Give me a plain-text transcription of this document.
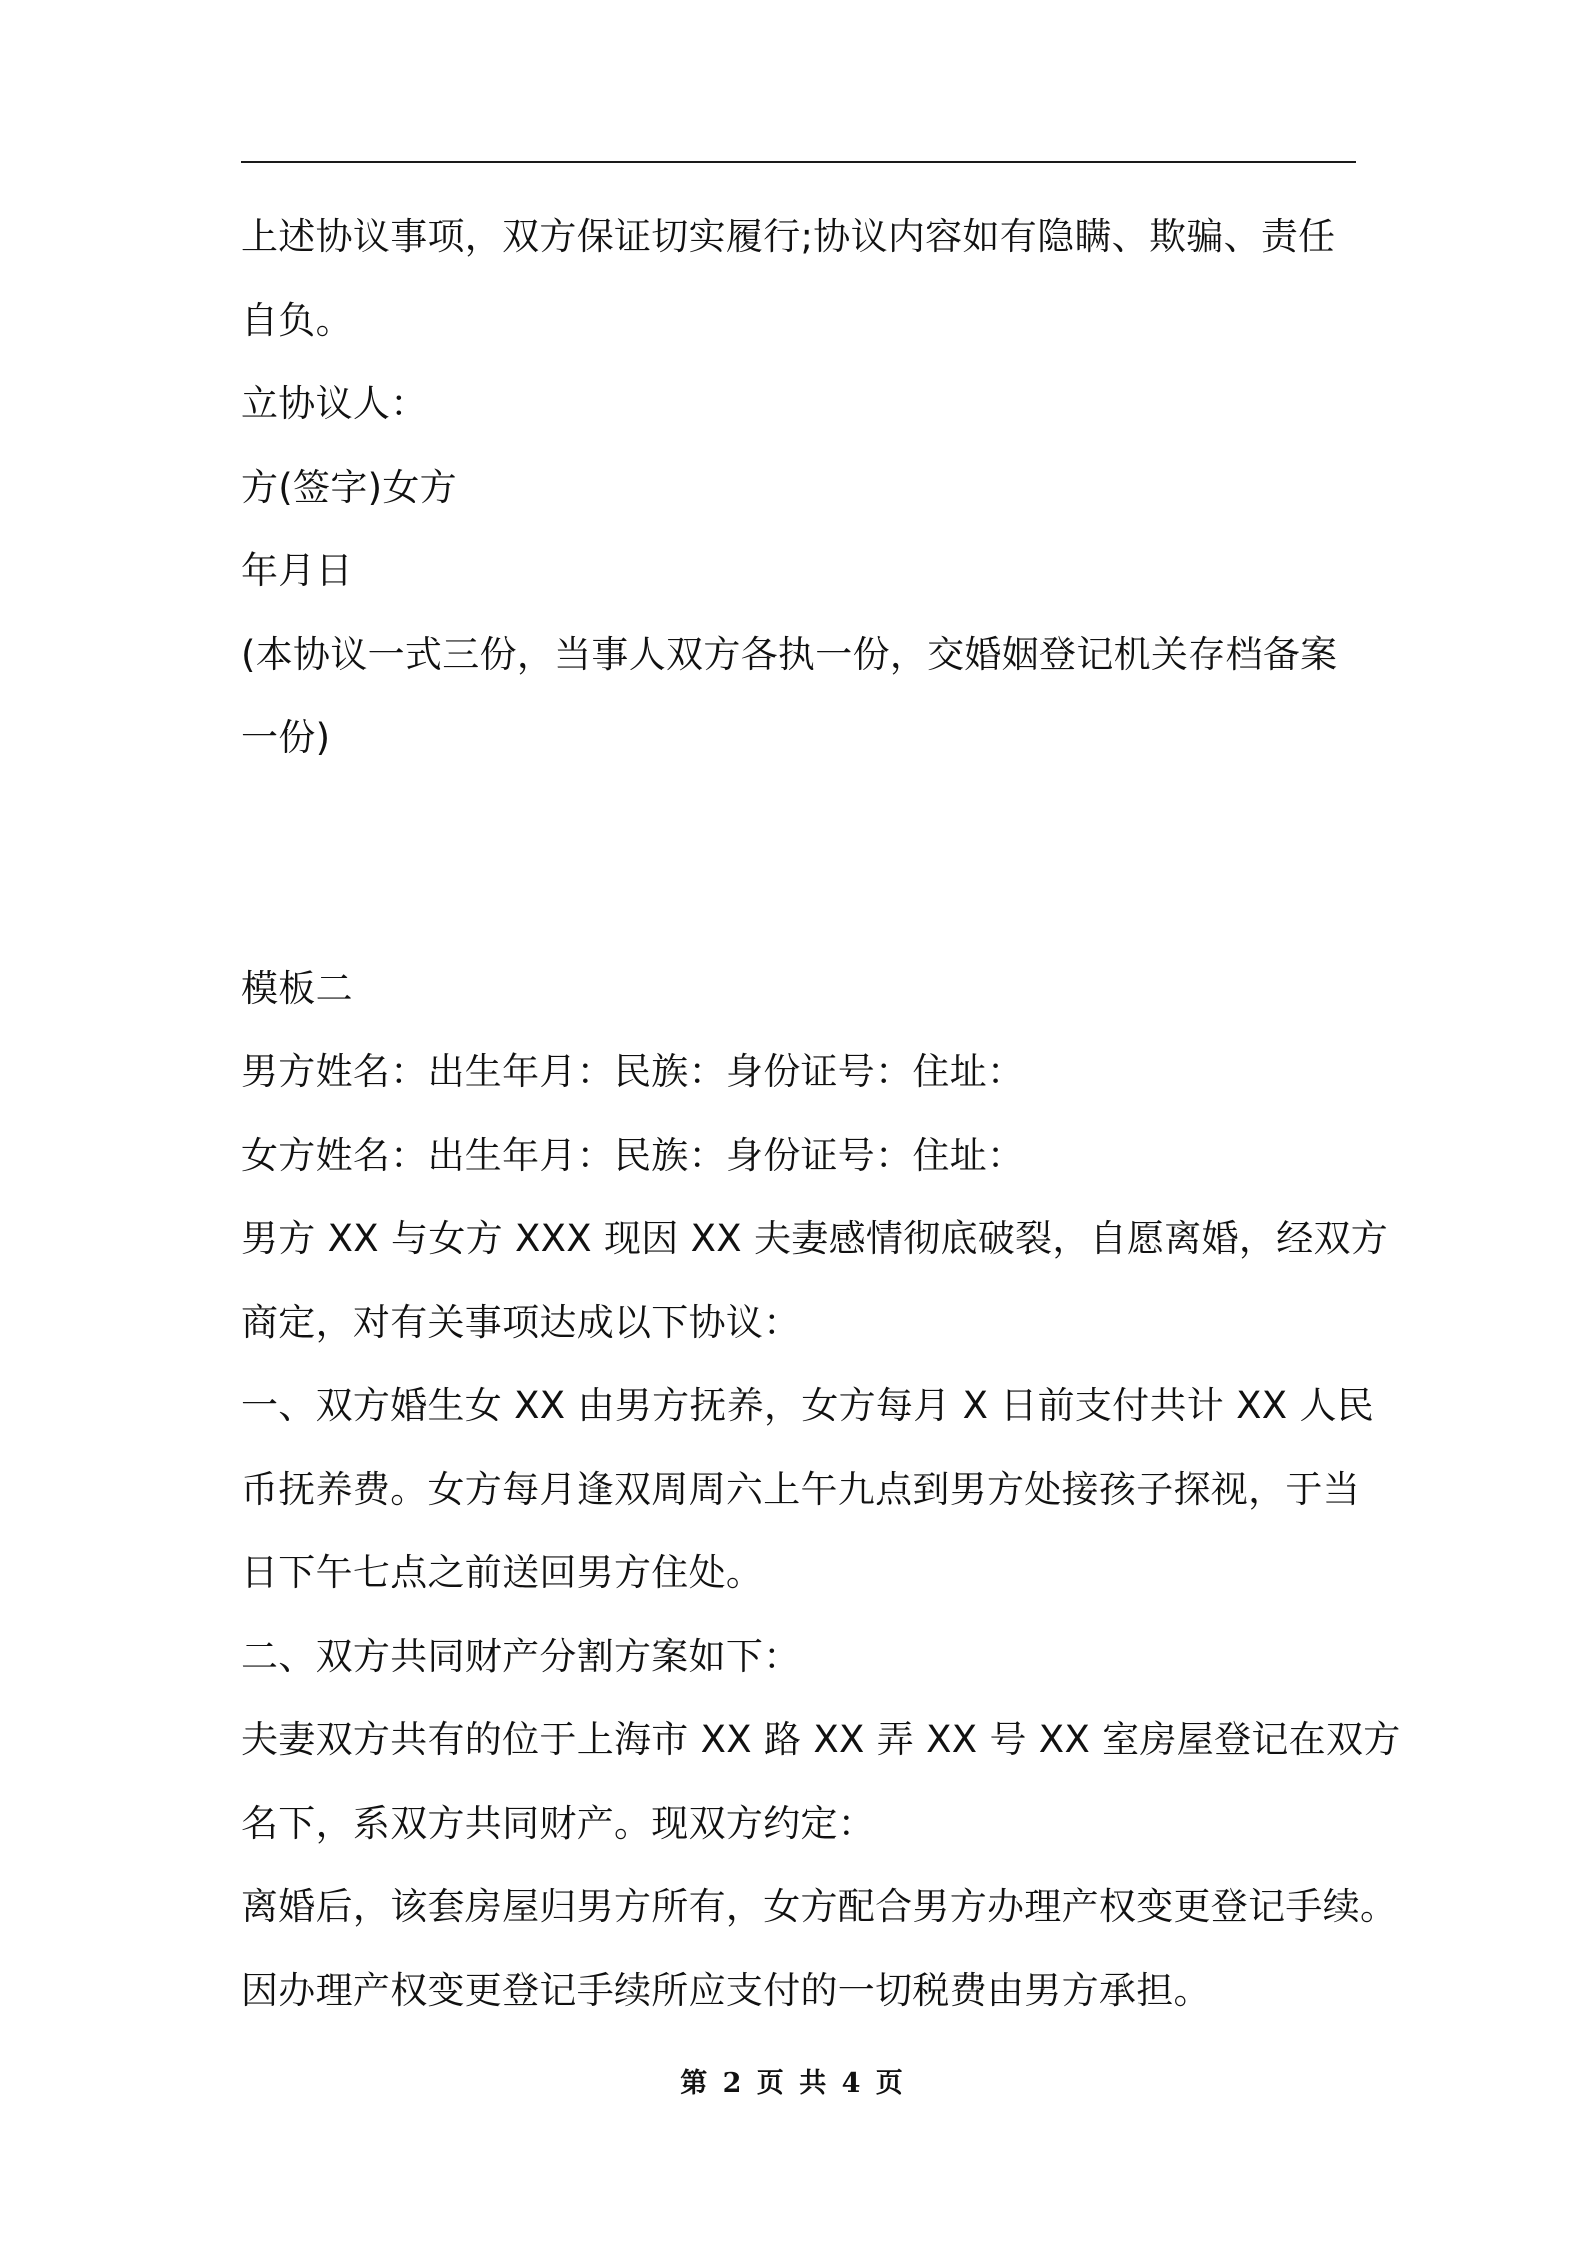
上述协议事项，双方保证切实履行;协议内容如有隐瞒、欺骗、责任

自负。

立协议人：

方(签字)女方

年月日

(本协议一式三份，当事人双方各执一份，交婚姻登记机关存档备案

一份)

模板二

男方姓名：出生年月：民族：身份证号：住址：

女方姓名：出生年月：民族：身份证号：住址：

男方 XX 与女方 XXX 现因 XX 夫妻感情彻底破裂，自愿离婚，经双方

商定，对有关事项达成以下协议：

一、双方婚生女 XX 由男方抚养，女方每月 X 日前支付共计 XX 人民

币抚养费。女方每月逢双周周六上午九点到男方处接孩子探视，于当

日下午七点之前送回男方住处。

二、双方共同财产分割方案如下：

夫妻双方共有的位于上海市 XX 路 XX 弄 XX 号 XX 室房屋登记在双方

名下，系双方共同财产。现双方约定：

离婚后，该套房屋归男方所有，女方配合男方办理产权变更登记手续。

因办理产权变更登记手续所应支付的一切税费由男方承担。

第 2 页 共 4 页
